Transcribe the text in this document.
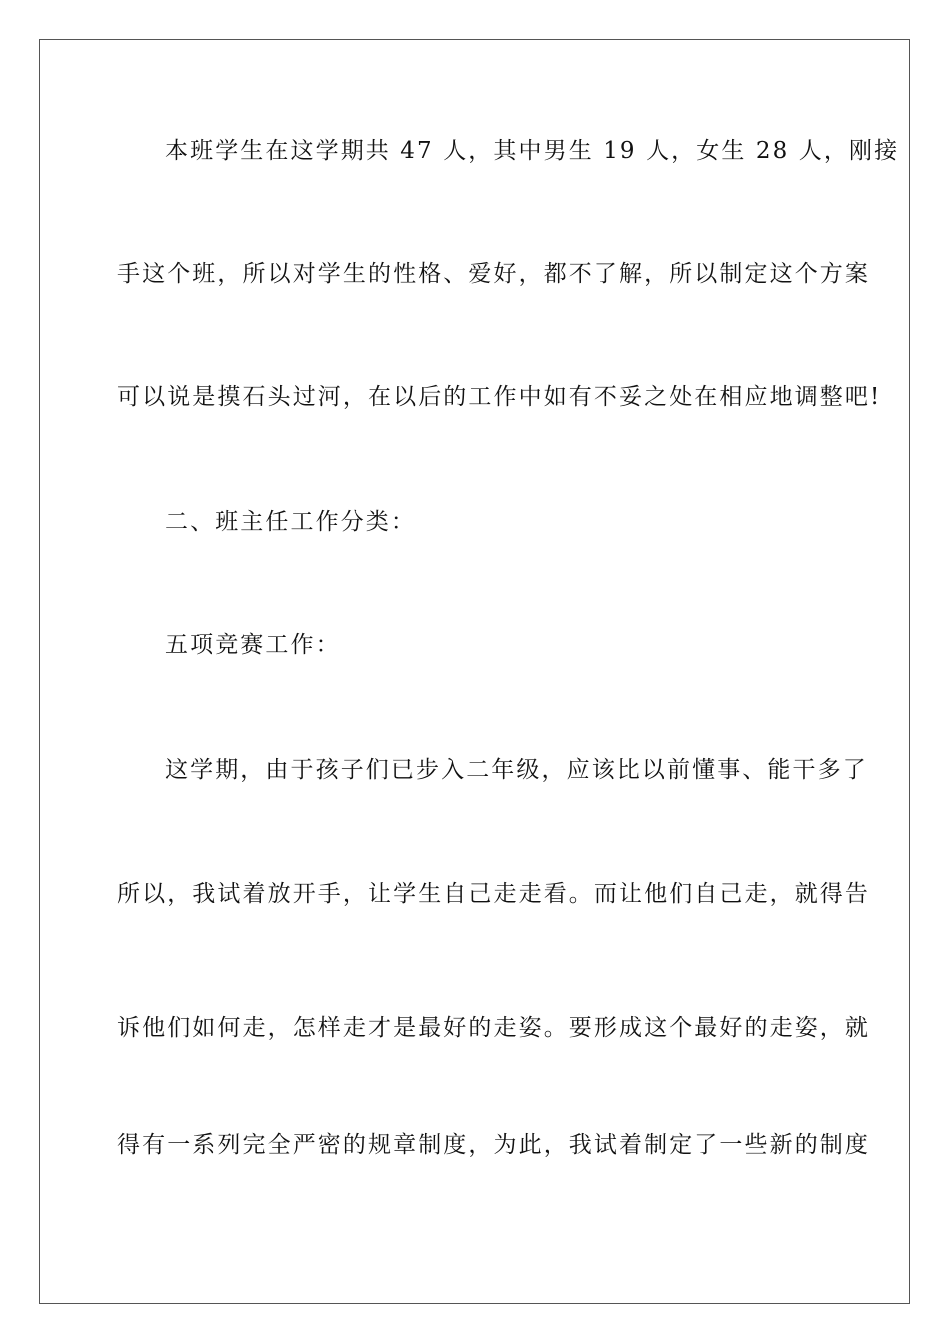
本班学生在这学期共 47 人，其中男生 19 人，女生 28 人，刚接
手这个班，所以对学生的性格、爱好，都不了解，所以制定这个方案
可以说是摸石头过河，在以后的工作中如有不妥之处在相应地调整吧!
二、班主任工作分类：
五项竞赛工作：
这学期，由于孩子们已步入二年级，应该比以前懂事、能干多了
所以，我试着放开手，让学生自己走走看。而让他们自己走，就得告
诉他们如何走，怎样走才是最好的走姿。要形成这个最好的走姿，就
得有一系列完全严密的规章制度，为此，我试着制定了一些新的制度
